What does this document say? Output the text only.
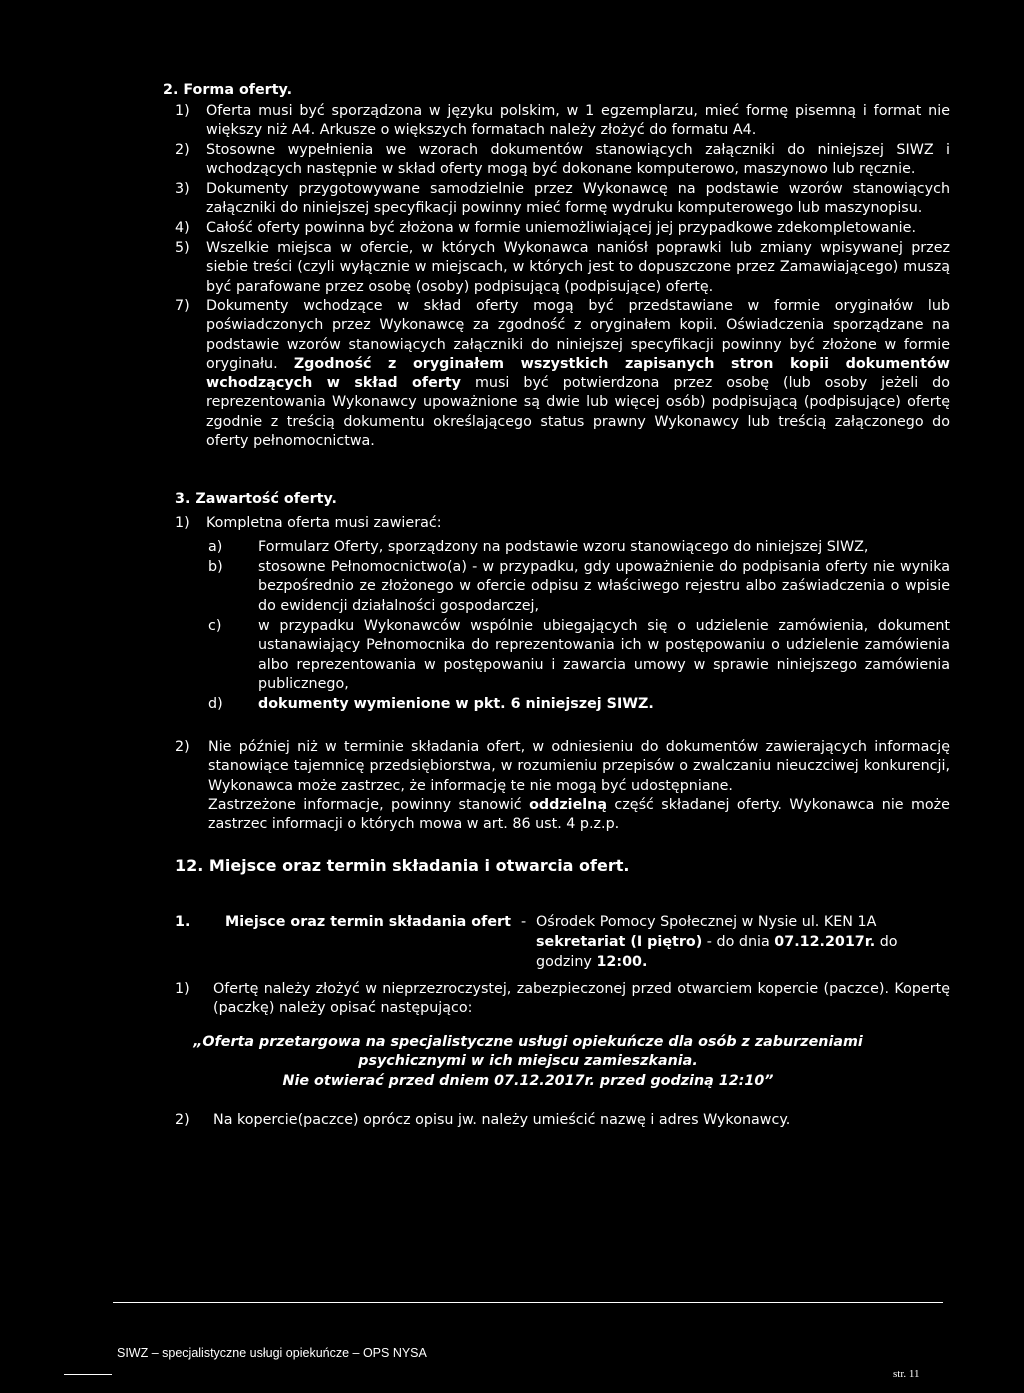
2. Forma oferty.
1)	Oferta musi być sporządzona w języku polskim, w 1 egzemplarzu, mieć formę pisemną i format nie większy niż A4. Arkusze o większych formatach należy złożyć do formatu A4.
2)	Stosowne wypełnienia we wzorach dokumentów stanowiących załączniki do niniejszej SIWZ i wchodzących następnie w skład oferty mogą być dokonane komputerowo, maszynowo lub ręcznie.
3)	Dokumenty przygotowywane samodzielnie przez Wykonawcę na podstawie wzorów stanowiących załączniki do niniejszej specyfikacji powinny mieć formę wydruku komputerowego lub maszynopisu.
4)	Całość oferty powinna być złożona w formie uniemożliwiającej jej przypadkowe zdekompletowanie.
5)	Wszelkie miejsca w ofercie, w których Wykonawca naniósł poprawki lub zmiany wpisywanej przez siebie treści (czyli wyłącznie w miejscach, w których jest to dopuszczone przez Zamawiającego) muszą być parafowane przez osobę (osoby) podpisującą (podpisujące) ofertę.
7)	Dokumenty wchodzące w skład oferty mogą być przedstawiane w formie oryginałów lub poświadczonych przez Wykonawcę za zgodność z oryginałem kopii. Oświadczenia sporządzane na podstawie wzorów stanowiących załączniki do niniejszej specyfikacji powinny być złożone w formie oryginału. Zgodność z oryginałem wszystkich zapisanych stron kopii dokumentów wchodzących w skład oferty musi być potwierdzona przez osobę (lub osoby jeżeli do reprezentowania Wykonawcy upoważnione są dwie lub więcej osób) podpisującą (podpisujące) ofertę zgodnie z treścią dokumentu określającego status prawny Wykonawcy lub treścią załączonego do oferty pełnomocnictwa.
3. Zawartość oferty.
1)	Kompletna oferta musi zawierać:
a)	Formularz Oferty, sporządzony na podstawie wzoru stanowiącego do niniejszej SIWZ,
b)	stosowne Pełnomocnictwo(a) - w przypadku, gdy upoważnienie do podpisania oferty nie wynika bezpośrednio ze złożonego w ofercie odpisu z właściwego rejestru albo zaświadczenia o wpisie do ewidencji działalności gospodarczej,
c)	w przypadku Wykonawców wspólnie ubiegających się o udzielenie zamówienia, dokument ustanawiający Pełnomocnika do reprezentowania ich w postępowaniu o udzielenie zamówienia albo reprezentowania w postępowaniu i zawarcia umowy w sprawie niniejszego zamówienia publicznego,
d)	dokumenty wymienione w pkt. 6 niniejszej SIWZ.
2)	Nie później niż w terminie składania ofert, w odniesieniu do dokumentów zawierających informację stanowiące tajemnicę przedsiębiorstwa, w rozumieniu przepisów o zwalczaniu nieuczciwej konkurencji, Wykonawca może zastrzec, że informację te nie mogą być udostępniane.
Zastrzeżone informacje, powinny stanowić oddzielną część składanej oferty. Wykonawca nie może zastrzec informacji o których mowa w art. 86 ust. 4 p.z.p.
12. Miejsce oraz termin składania i otwarcia ofert.
1. Miejsce oraz termin składania ofert - Ośrodek Pomocy Społecznej w Nysie ul. KEN 1A
sekretariat (I piętro) - do dnia 07.12.2017r. do
godziny 12:00.
1)	Ofertę należy złożyć w nieprzezroczystej, zabezpieczonej przed otwarciem kopercie (paczce). Kopertę (paczkę) należy opisać następująco:
„Oferta przetargowa na specjalistyczne usługi opiekuńcze dla osób z zaburzeniami psychicznymi w ich miejscu zamieszkania.
Nie otwierać przed dniem 07.12.2017r. przed godziną 12:10”
2)	Na kopercie(paczce) oprócz opisu jw. należy umieścić nazwę i adres Wykonawcy.
SIWZ – specjalistyczne usługi opiekuńcze – OPS NYSA
str. 11
